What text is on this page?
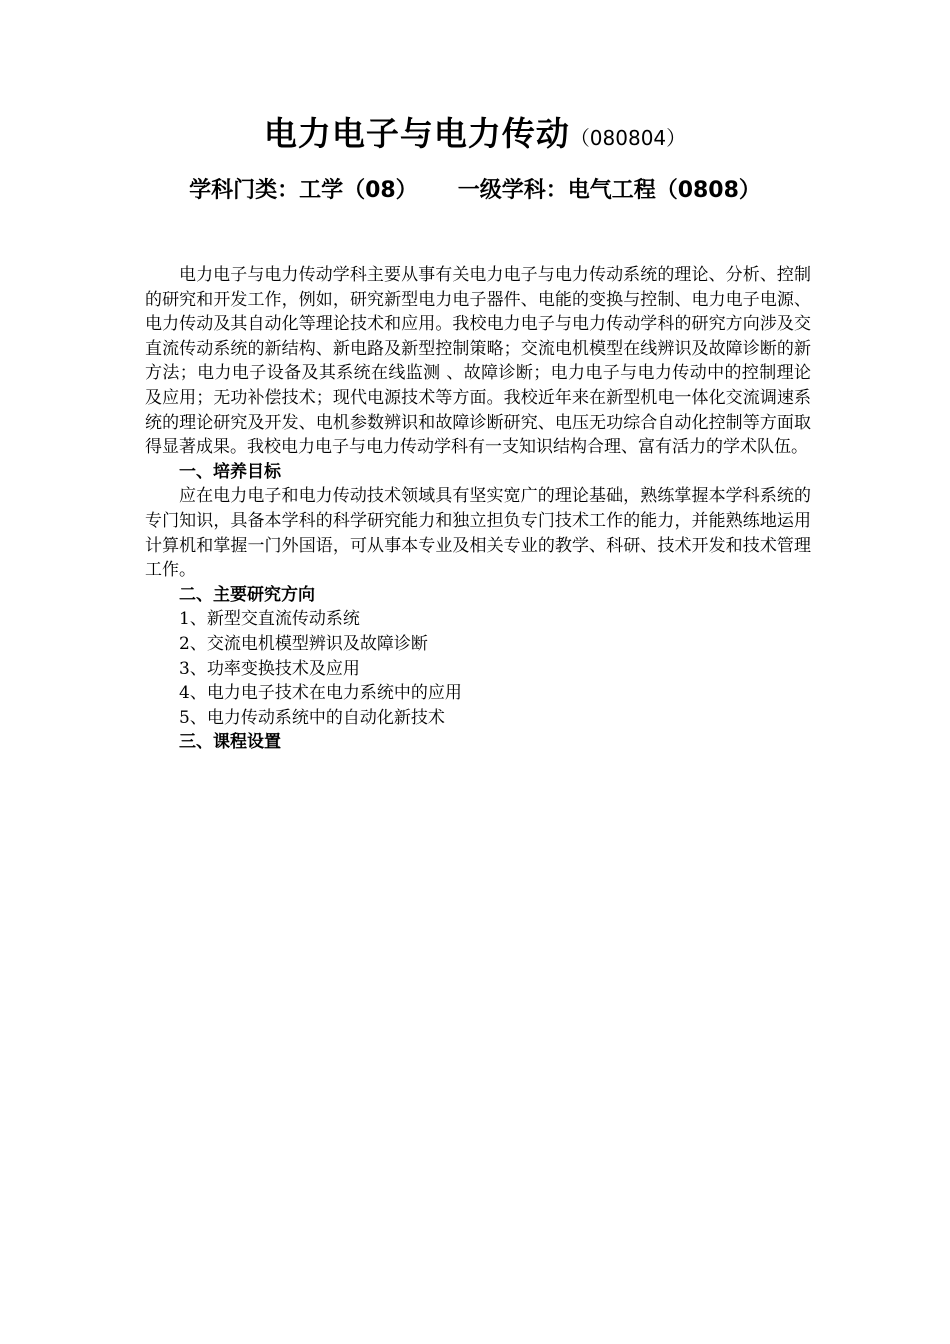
电力电子与电力传动（080804）
学科门类：工学（08） 一级学科：电气工程（0808）

电力电子与电力传动学科主要从事有关电力电子与电力传动系统的理论、分析、控制的研究和开发工作，例如，研究新型电力电子器件、电能的变换与控制、电力电子电源、电力传动及其自动化等理论技术和应用。我校电力电子与电力传动学科的研究方向涉及交直流传动系统的新结构、新电路及新型控制策略；交流电机模型在线辨识及故障诊断的新方法；电力电子设备及其系统在线监测 、故障诊断；电力电子与电力传动中的控制理论及应用；无功补偿技术；现代电源技术等方面。我校近年来在新型机电一体化交流调速系统的理论研究及开发、电机参数辨识和故障诊断研究、电压无功综合自动化控制等方面取得显著成果。我校电力电子与电力传动学科有一支知识结构合理、富有活力的学术队伍。

一、培养目标

应在电力电子和电力传动技术领域具有坚实宽广的理论基础，熟练掌握本学科系统的专门知识，具备本学科的科学研究能力和独立担负专门技术工作的能力，并能熟练地运用计算机和掌握一门外国语，可从事本专业及相关专业的教学、科研、技术开发和技术管理工作。

二、主要研究方向

1、新型交直流传动系统

2、交流电机模型辨识及故障诊断

3、功率变换技术及应用

4、电力电子技术在电力系统中的应用

5、电力传动系统中的自动化新技术

三、课程设置
